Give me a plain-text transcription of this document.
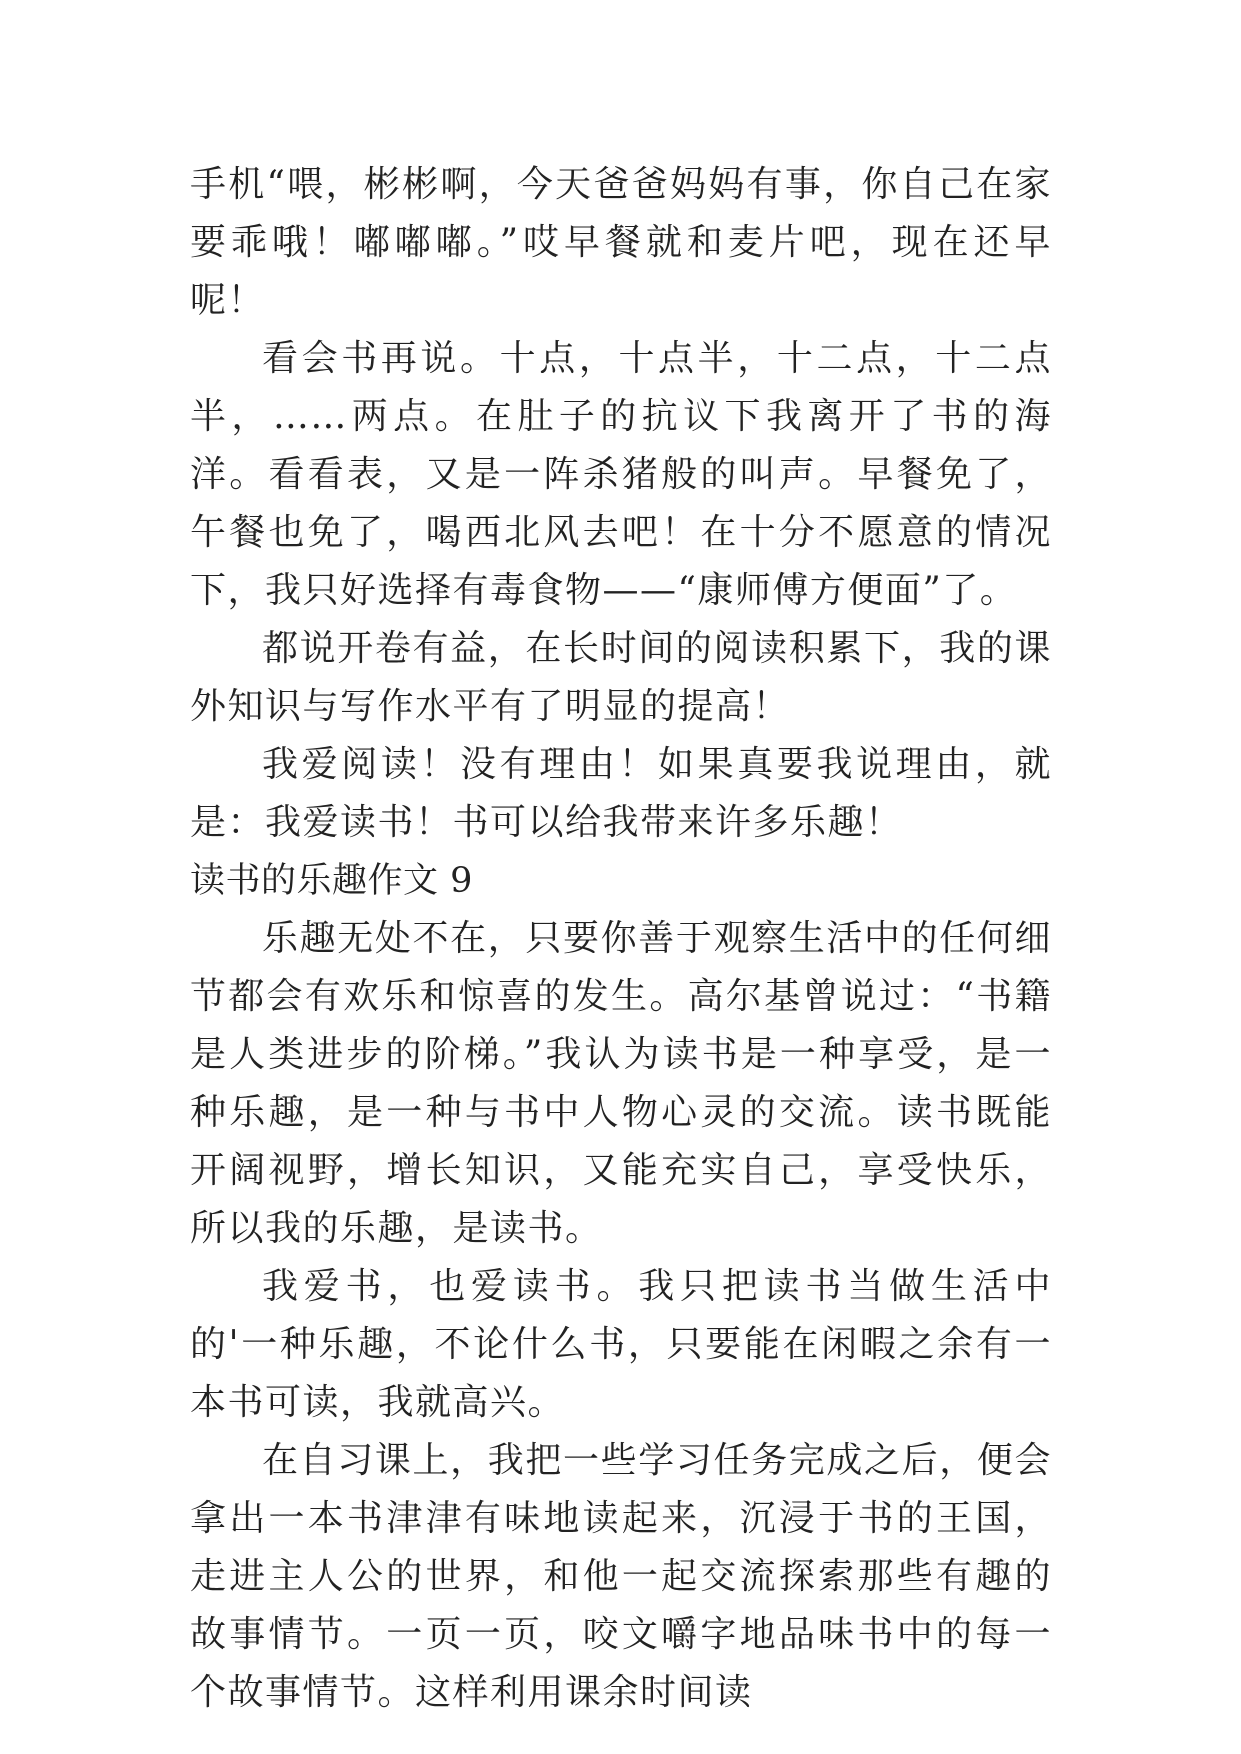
手机“喂，彬彬啊，今天爸爸妈妈有事，你自己在家要乖哦！嘟嘟嘟。”哎早餐就和麦片吧，现在还早呢！

看会书再说。十点，十点半，十二点，十二点半，……两点。在肚子的抗议下我离开了书的海洋。看看表，又是一阵杀猪般的叫声。早餐免了，午餐也免了，喝西北风去吧！在十分不愿意的情况下，我只好选择有毒食物——“康师傅方便面”了。

都说开卷有益，在长时间的阅读积累下，我的课外知识与写作水平有了明显的提高！

我爱阅读！没有理由！如果真要我说理由，就是：我爱读书！书可以给我带来许多乐趣！

读书的乐趣作文 9

乐趣无处不在，只要你善于观察生活中的任何细节都会有欢乐和惊喜的发生。高尔基曾说过：“书籍是人类进步的阶梯。”我认为读书是一种享受，是一种乐趣，是一种与书中人物心灵的交流。读书既能开阔视野，增长知识，又能充实自己，享受快乐，所以我的乐趣，是读书。

我爱书，也爱读书。我只把读书当做生活中的'一种乐趣，不论什么书，只要能在闲暇之余有一本书可读，我就高兴。

在自习课上，我把一些学习任务完成之后，便会拿出一本书津津有味地读起来，沉浸于书的王国，走进主人公的世界，和他一起交流探索那些有趣的故事情节。一页一页，咬文嚼字地品味书中的每一个故事情节。这样利用课余时间读
